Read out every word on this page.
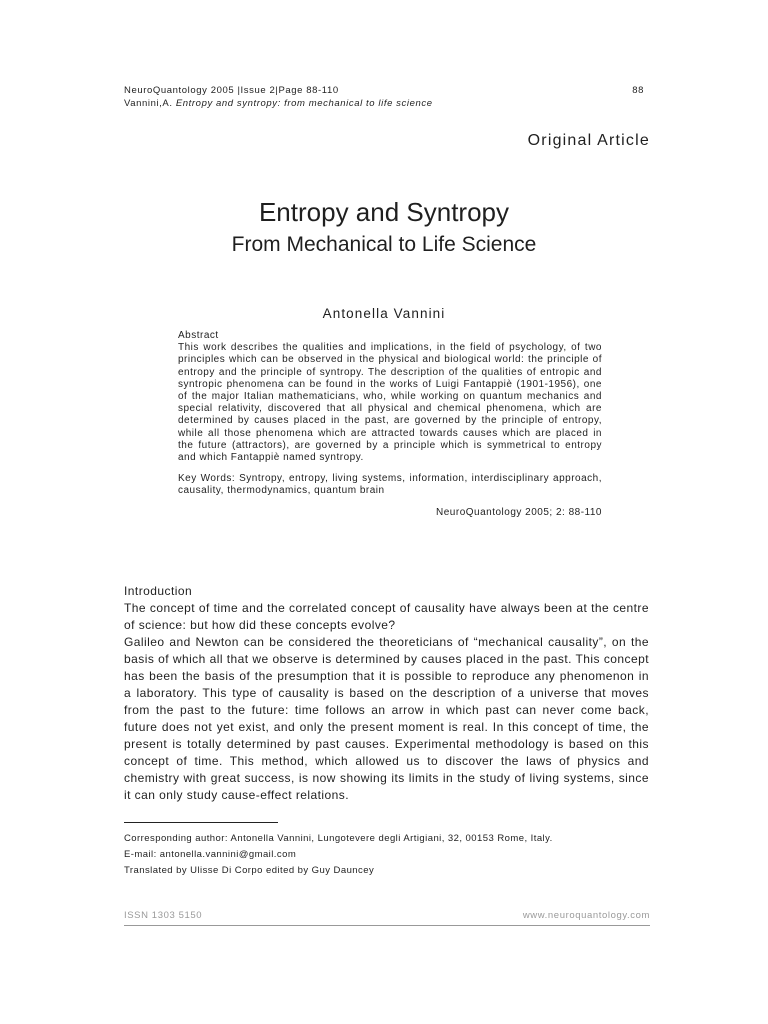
NeuroQuantology 2005 |Issue 2|Page 88-110	88
Vannini,A. Entropy and syntropy: from mechanical to life science
Original Article
Entropy and Syntropy
From Mechanical to Life Science
Antonella Vannini
Abstract
This work describes the qualities and implications, in the field of psychology, of two principles which can be observed in the physical and biological world: the principle of entropy and the principle of syntropy. The description of the qualities of entropic and syntropic phenomena can be found in the works of Luigi Fantappiè (1901-1956), one of the major Italian mathematicians, who, while working on quantum mechanics and special relativity, discovered that all physical and chemical phenomena, which are determined by causes placed in the past, are governed by the principle of entropy, while all those phenomena which are attracted towards causes which are placed in the future (attractors), are governed by a principle which is symmetrical to entropy and which Fantappiè named syntropy.
Key Words: Syntropy, entropy, living systems, information, interdisciplinary approach, causality, thermodynamics, quantum brain
NeuroQuantology 2005; 2: 88-110
Introduction

The concept of time and the correlated concept of causality have always been at the centre of science: but how did these concepts evolve?

Galileo and Newton can be considered the theoreticians of “mechanical causality”, on the basis of which all that we observe is determined by causes placed in the past. This concept has been the basis of the presumption that it is possible to reproduce any phenomenon in a laboratory. This type of causality is based on the description of a universe that moves from the past to the future: time follows an arrow in which past can never come back, future does not yet exist, and only the present moment is real. In this concept of time, the present is totally determined by past causes. Experimental methodology is based on this concept of time. This method, which allowed us to discover the laws of physics and chemistry with great success, is now showing its limits in the study of living systems, since it can only study cause-effect relations.

Corresponding author: Antonella Vannini, Lungotevere degli Artigiani, 32, 00153 Rome, Italy.
E-mail: antonella.vannini@gmail.com
Translated by Ulisse Di Corpo edited by Guy Dauncey
ISSN 1303 5150	www.neuroquantology.com
